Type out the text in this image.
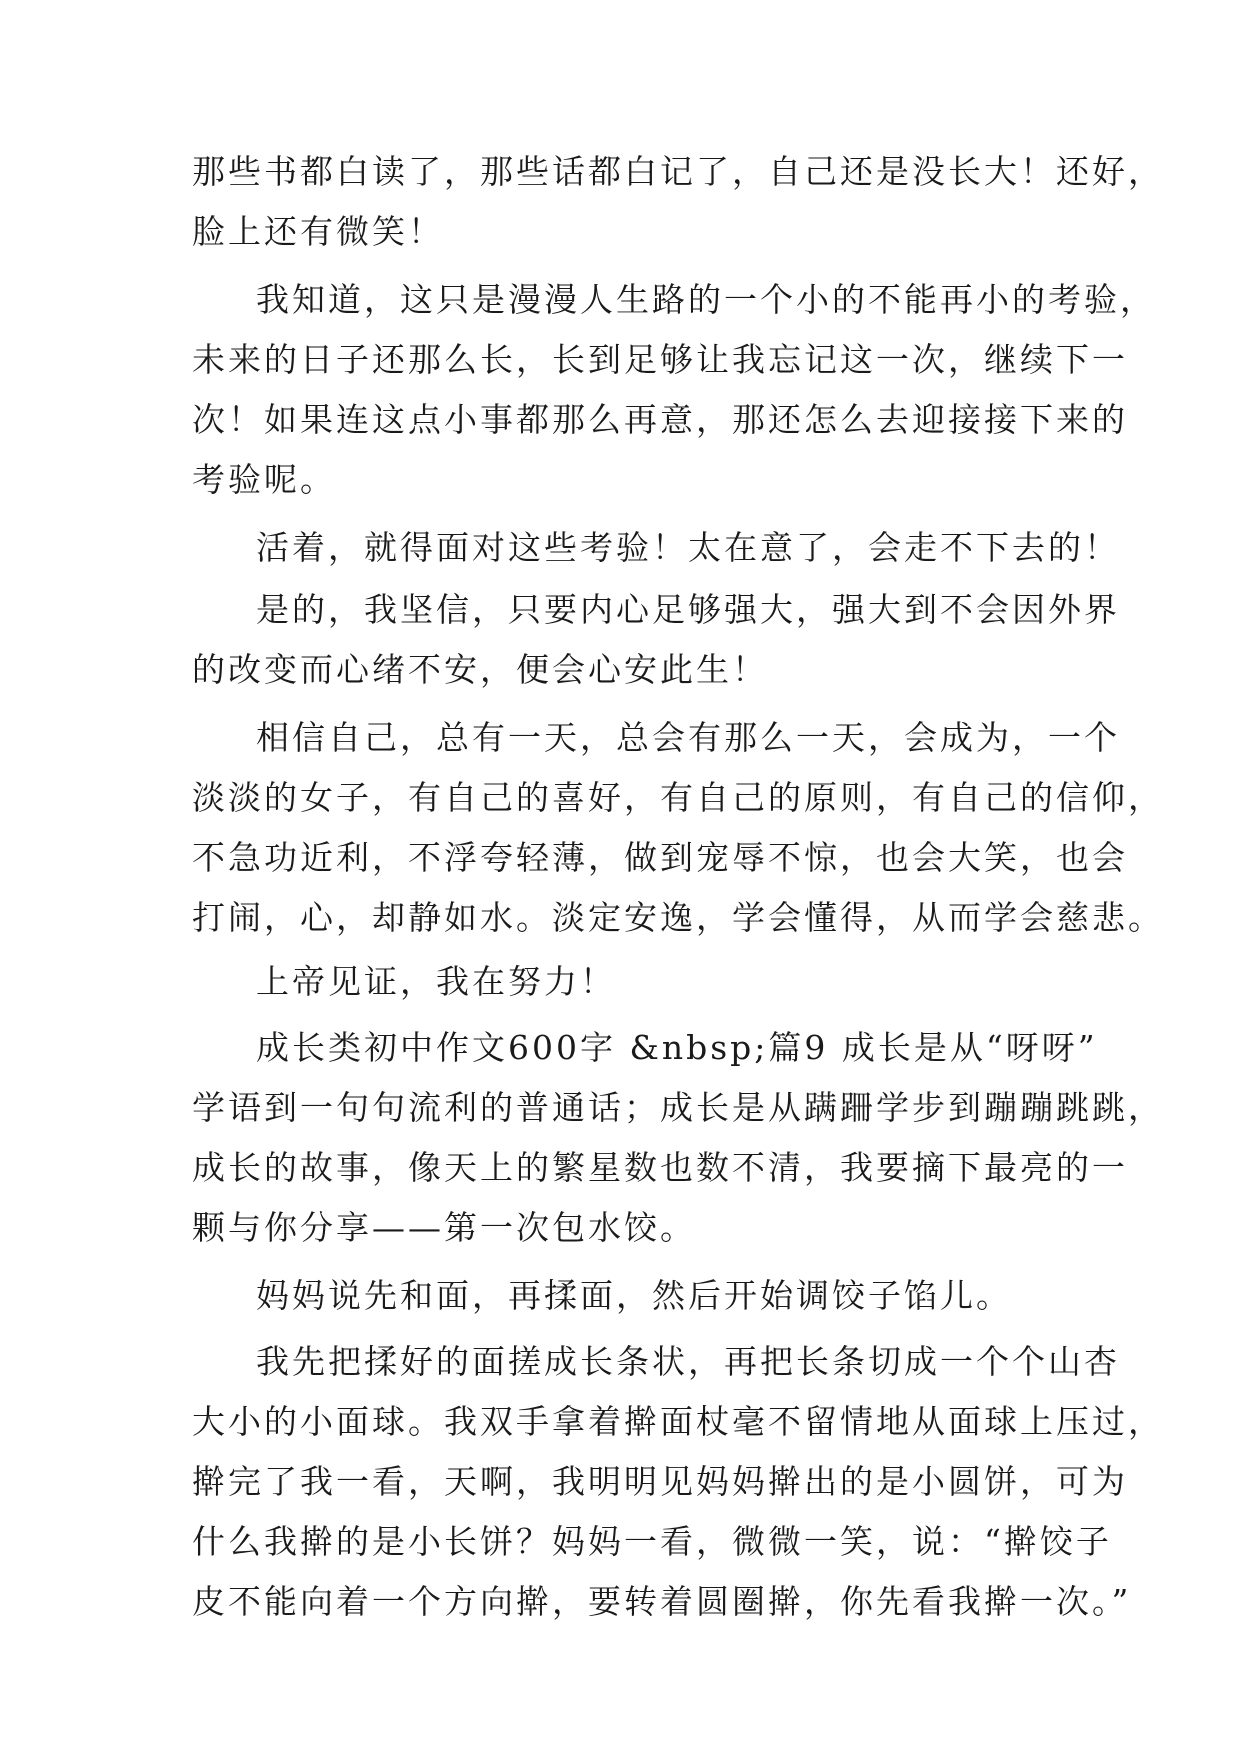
那些书都白读了，那些话都白记了，自己还是没长大！还好，
脸上还有微笑！
我知道，这只是漫漫人生路的一个小的不能再小的考验，
未来的日子还那么长，长到足够让我忘记这一次，继续下一
次！如果连这点小事都那么再意，那还怎么去迎接接下来的
考验呢。
活着，就得面对这些考验！太在意了，会走不下去的！
是的，我坚信，只要内心足够强大，强大到不会因外界
的改变而心绪不安，便会心安此生！
相信自己，总有一天，总会有那么一天，会成为，一个
淡淡的女子，有自己的喜好，有自己的原则，有自己的信仰，
不急功近利，不浮夸轻薄，做到宠辱不惊，也会大笑，也会
打闹，心，却静如水。淡定安逸，学会懂得，从而学会慈悲。
上帝见证，我在努力！
成长类初中作文600字 &nbsp;篇9 成长是从“呀呀”
学语到一句句流利的普通话；成长是从蹒跚学步到蹦蹦跳跳，
成长的故事，像天上的繁星数也数不清，我要摘下最亮的一
颗与你分享——第一次包水饺。
妈妈说先和面，再揉面，然后开始调饺子馅儿。
我先把揉好的面搓成长条状，再把长条切成一个个山杏
大小的小面球。我双手拿着擀面杖毫不留情地从面球上压过，
擀完了我一看，天啊，我明明见妈妈擀出的是小圆饼，可为
什么我擀的是小长饼？妈妈一看，微微一笑，说：“擀饺子
皮不能向着一个方向擀，要转着圆圈擀，你先看我擀一次。”
